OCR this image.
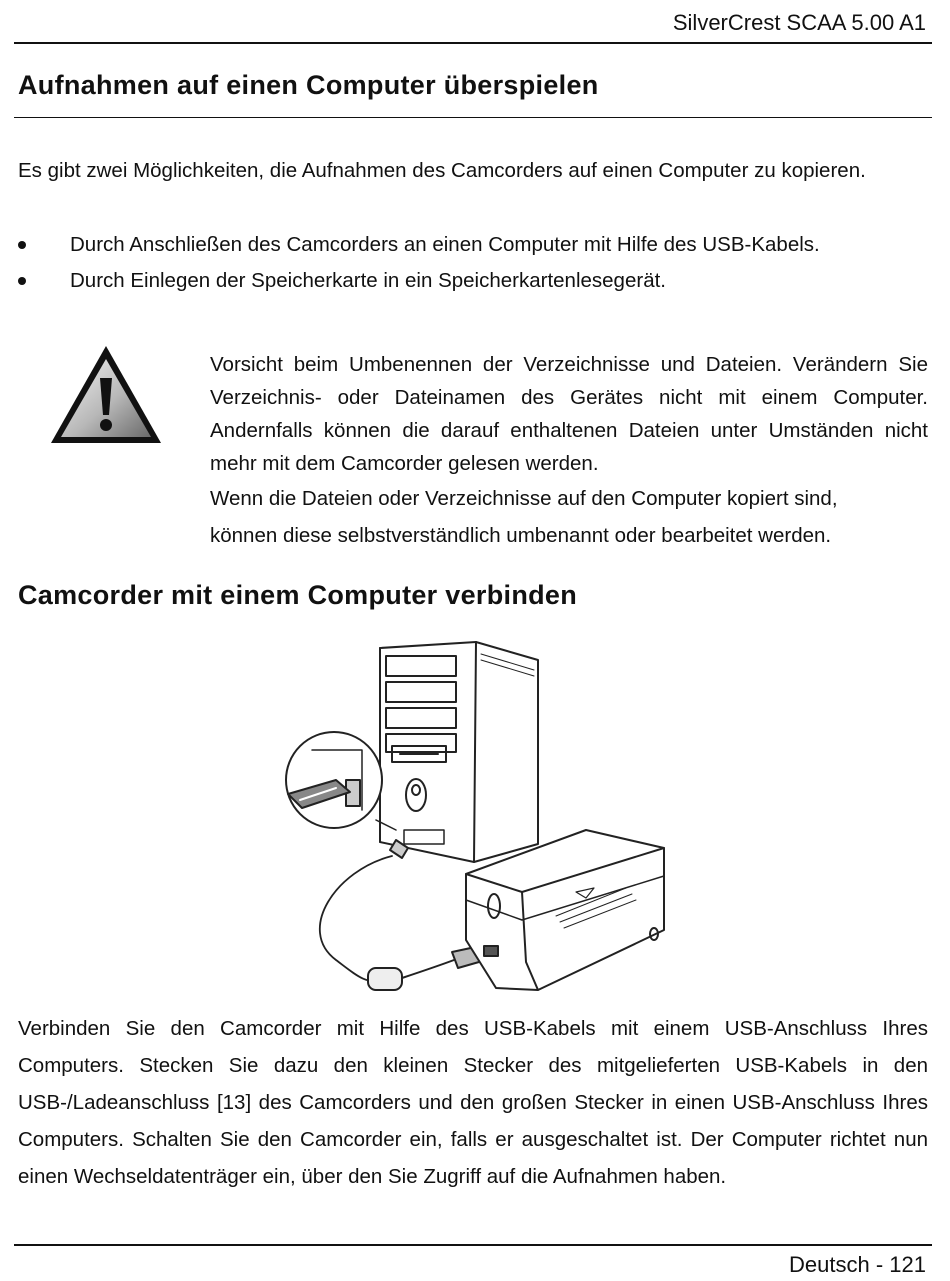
SilverCrest SCAA 5.00 A1
Aufnahmen auf einen Computer überspielen
Es gibt zwei Möglichkeiten, die Aufnahmen des Camcorders auf einen Computer zu kopieren.
Durch Anschließen des Camcorders an einen Computer mit Hilfe des USB-Kabels.
Durch Einlegen der Speicherkarte in ein Speicherkartenlesegerät.
Vorsicht beim Umbenennen der Verzeichnisse und Dateien. Verändern Sie Verzeichnis- oder Dateinamen des Gerätes nicht mit einem Computer. Andernfalls können die darauf enthaltenen Dateien unter Umständen nicht mehr mit dem Camcorder gelesen werden.
Wenn die Dateien oder Verzeichnisse auf den Computer kopiert sind,
können diese selbstverständlich umbenannt oder bearbeitet werden.
Camcorder mit einem Computer verbinden
Verbinden Sie den Camcorder mit Hilfe des USB-Kabels mit einem USB-Anschluss Ihres Computers. Stecken Sie dazu den kleinen Stecker des mitgelieferten USB-Kabels in den USB-/Ladeanschluss [13] des Camcorders und den großen Stecker in einen USB-Anschluss Ihres Computers. Schalten Sie den Camcorder ein, falls er ausgeschaltet ist. Der Computer richtet nun einen Wechseldatenträger ein, über den Sie Zugriff auf die Aufnahmen haben.
Deutsch - 121
